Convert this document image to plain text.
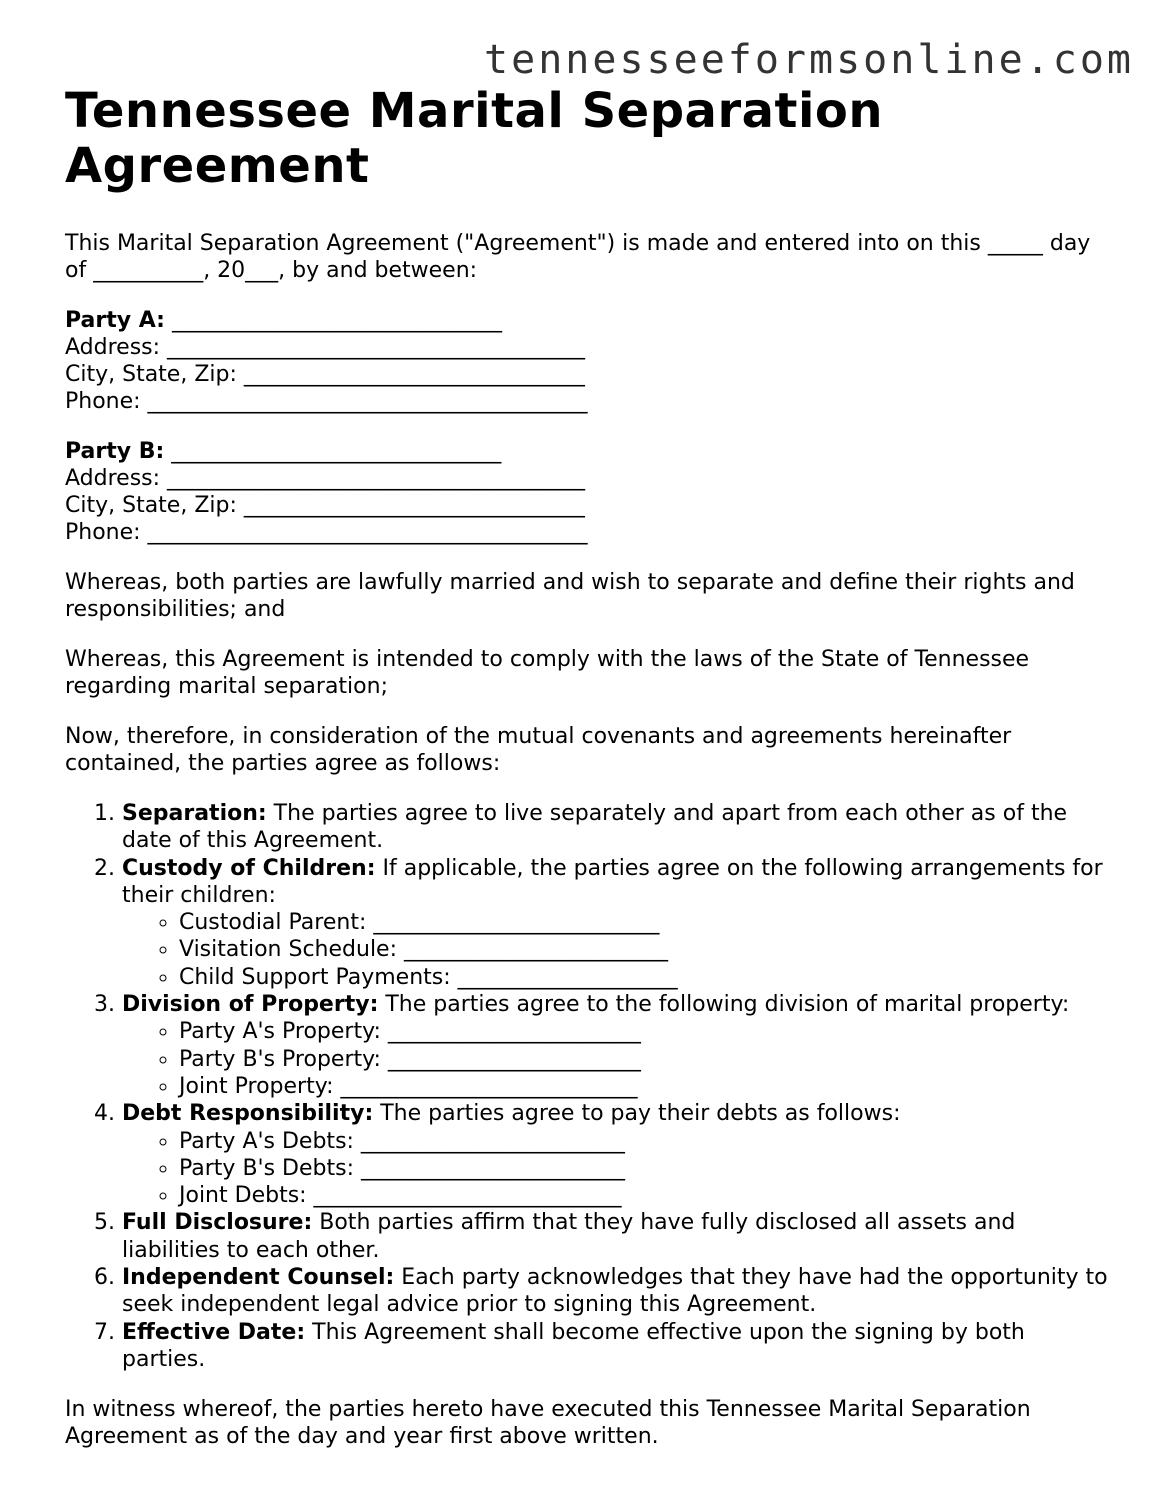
tennesseeformsonline.com
Tennessee Marital Separation Agreement

This Marital Separation Agreement ("Agreement") is made and entered into on this _____ day of __________, 20___, by and between:

Party A: ______________________________
Address: ______________________________________
City, State, Zip: _______________________________
Phone: ________________________________________
Party B: ______________________________
Address: ______________________________________
City, State, Zip: _______________________________
Phone: ________________________________________

Whereas, both parties are lawfully married and wish to separate and define their rights and responsibilities; and

Whereas, this Agreement is intended to comply with the laws of the State of Tennessee regarding marital separation;

Now, therefore, in consideration of the mutual covenants and agreements hereinafter contained, the parties agree as follows:

1. Separation: The parties agree to live separately and apart from each other as of the date of this Agreement.
2. Custody of Children: If applicable, the parties agree on the following arrangements for their children:
◦ Custodial Parent: __________________________
◦ Visitation Schedule: ________________________
◦ Child Support Payments: ____________________
3. Division of Property: The parties agree to the following division of marital property:
◦ Party A's Property: _______________________
◦ Party B's Property: _______________________
◦ Joint Property: ___________________________
4. Debt Responsibility: The parties agree to pay their debts as follows:
◦ Party A's Debts: ________________________
◦ Party B's Debts: ________________________
◦ Joint Debts: ____________________________
5. Full Disclosure: Both parties affirm that they have fully disclosed all assets and liabilities to each other.
6. Independent Counsel: Each party acknowledges that they have had the opportunity to seek independent legal advice prior to signing this Agreement.
7. Effective Date: This Agreement shall become effective upon the signing by both parties.

In witness whereof, the parties hereto have executed this Tennessee Marital Separation Agreement as of the day and year first above written.
